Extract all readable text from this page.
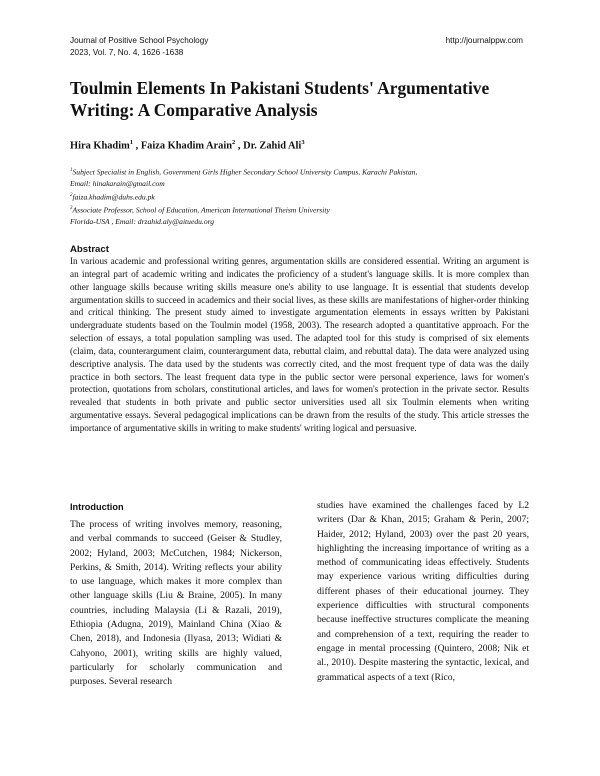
Journal of Positive School Psychology
2023, Vol. 7, No. 4, 1626 -1638
http://journalppw.com
Toulmin Elements In Pakistani Students' Argumentative Writing: A Comparative Analysis
Hira Khadim$^1$ , Faiza Khadim Arain$^2$ , Dr. Zahid Ali$^3$
$^1$Subject Specialist in English, Government Girls Higher Secondary School University Campus, Karachi Pakistan,
Email: hinakarain@gmail.com
$^2$faiza.khadim@duhs.edu.pk
$^3$Associate Professor, School of Education, American International Theism University
Florida-USA , Email: drzahid.aly@aituedu.org
Abstract

In various academic and professional writing genres, argumentation skills are considered essential. Writing an argument is an integral part of academic writing and indicates the proficiency of a student's language skills. It is more complex than other language skills because writing skills measure one's ability to use language. It is essential that students develop argumentation skills to succeed in academics and their social lives, as these skills are manifestations of higher-order thinking and critical thinking. The present study aimed to investigate argumentation elements in essays written by Pakistani undergraduate students based on the Toulmin model (1958, 2003). The research adopted a quantitative approach. For the selection of essays, a total population sampling was used. The adapted tool for this study is comprised of six elements (claim, data, counterargument claim, counterargument data, rebuttal claim, and rebuttal data). The data were analyzed using descriptive analysis. The data used by the students was correctly cited, and the most frequent type of data was the daily practice in both sectors. The least frequent data type in the public sector were personal experience, laws for women's protection, quotations from scholars, constitutional articles, and laws for women's protection in the private sector. Results revealed that students in both private and public sector universities used all six Toulmin elements when writing argumentative essays. Several pedagogical implications can be drawn from the results of the study. This article stresses the importance of argumentative skills in writing to make students' writing logical and persuasive.

Introduction

The process of writing involves memory, reasoning, and verbal commands to succeed (Geiser & Studley, 2002; Hyland, 2003; McCutchen, 1984; Nickerson, Perkins, & Smith, 2014). Writing reflects your ability to use language, which makes it more complex than other language skills (Liu & Braine, 2005). In many countries, including Malaysia (Li & Razali, 2019), Ethiopia (Adugna, 2019), Mainland China (Xiao & Chen, 2018), and Indonesia (Ilyasa, 2013; Widiati & Cahyono, 2001), writing skills are highly valued, particularly for scholarly communication and purposes. Several research

studies have examined the challenges faced by L2 writers (Dar & Khan, 2015; Graham & Perin, 2007; Haider, 2012; Hyland, 2003) over the past 20 years, highlighting the increasing importance of writing as a method of communicating ideas effectively. Students may experience various writing difficulties during different phases of their educational journey. They experience difficulties with structural components because ineffective structures complicate the meaning and comprehension of a text, requiring the reader to engage in mental processing (Quintero, 2008; Nik et al., 2010). Despite mastering the syntactic, lexical, and grammatical aspects of a text (Rico,
